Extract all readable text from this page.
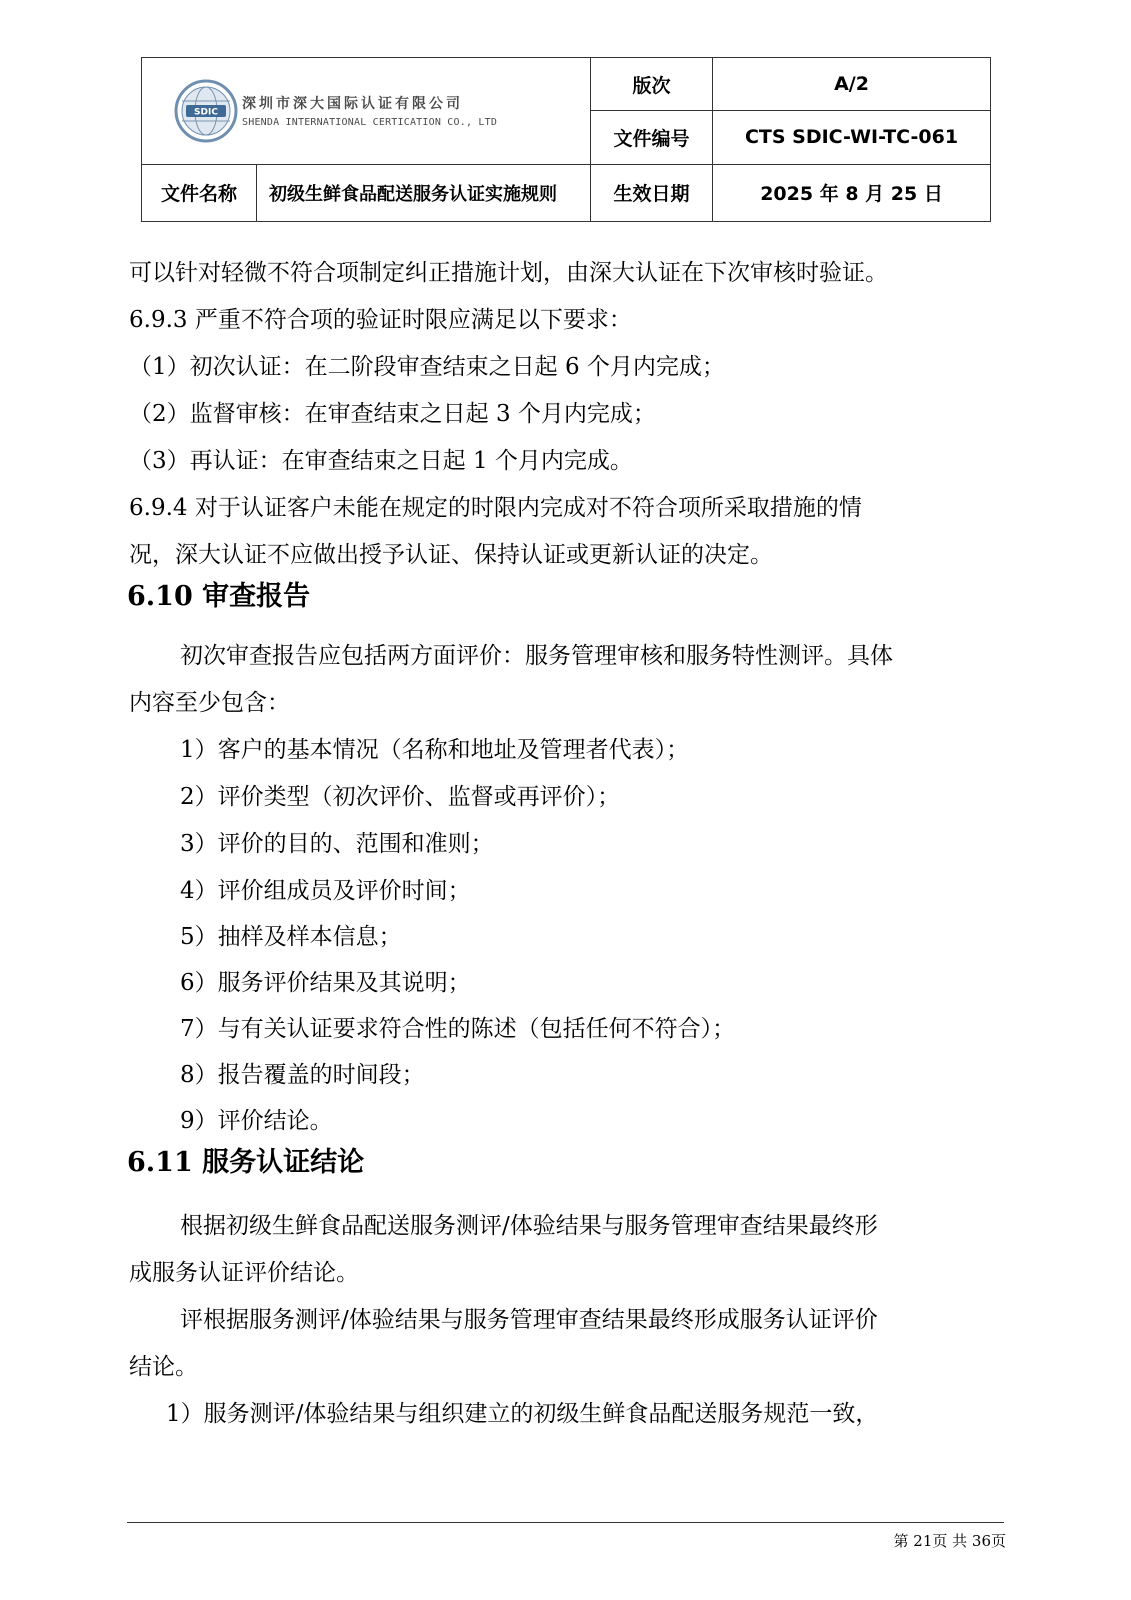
SDIC 深圳市深大国际认证有限公司
SHENDA INTERNATIONAL CERTICATION CO., LTD		版次	A/2
		文件编号	CTS SDIC-WI-TC-061
文件名称	初级生鲜食品配送服务认证实施规则	生效日期	2025 年 8 月 25 日
可以针对轻微不符合项制定纠正措施计划，由深大认证在下次审核时验证。
6.9.3 严重不符合项的验证时限应满足以下要求：
（1）初次认证：在二阶段审查结束之日起 6 个月内完成；
（2）监督审核：在审查结束之日起 3 个月内完成；
（3）再认证：在审查结束之日起 1 个月内完成。
6.9.4 对于认证客户未能在规定的时限内完成对不符合项所采取措施的情
况，深大认证不应做出授予认证、保持认证或更新认证的决定。
6.10 审查报告
初次审查报告应包括两方面评价：服务管理审核和服务特性测评。具体
内容至少包含：
1）客户的基本情况（名称和地址及管理者代表）；
2）评价类型（初次评价、监督或再评价）；
3）评价的目的、范围和准则；
4）评价组成员及评价时间；
5）抽样及样本信息；
6）服务评价结果及其说明；
7）与有关认证要求符合性的陈述（包括任何不符合）；
8）报告覆盖的时间段；
9）评价结论。
6.11 服务认证结论
根据初级生鲜食品配送服务测评/体验结果与服务管理审查结果最终形
成服务认证评价结论。
评根据服务测评/体验结果与服务管理审查结果最终形成服务认证评价
结论。
1）服务测评/体验结果与组织建立的初级生鲜食品配送服务规范一致，
第 21页 共 36页
